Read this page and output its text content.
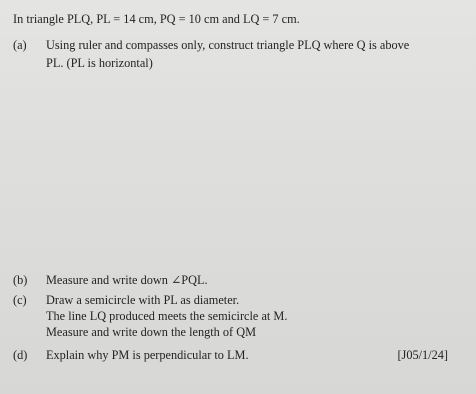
In triangle PLQ, PL = 14 cm, PQ = 10 cm and LQ = 7 cm.
(a) Using ruler and compasses only, construct triangle PLQ where Q is above
PL. (PL is horizontal)
(b) Measure and write down ∠PQL.
(c) Draw a semicircle with PL as diameter.
The line LQ produced meets the semicircle at M.
Measure and write down the length of QM
(d) Explain why PM is perpendicular to LM.	[J05/1/24]
